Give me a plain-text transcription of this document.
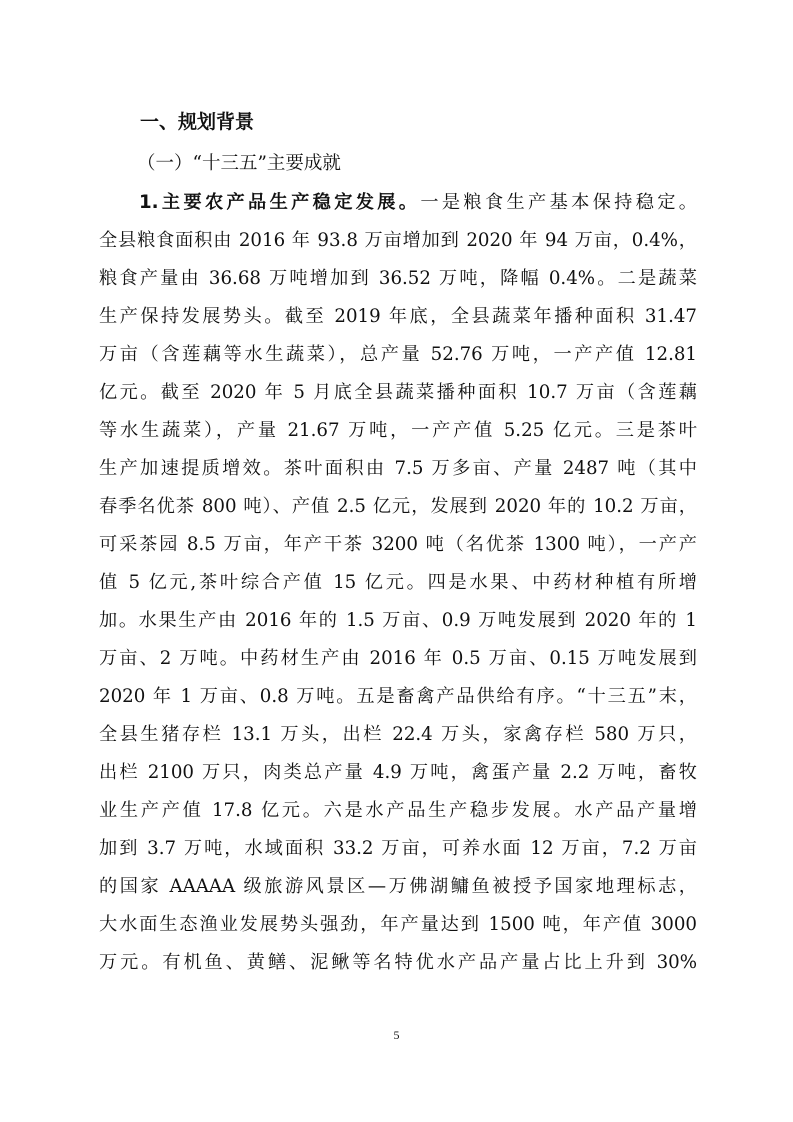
一、规划背景
（一）“十三五”主要成就
1.主要农产品生产稳定发展。一是粮食生产基本保持稳定。
全县粮食面积由 2016 年 93.8 万亩增加到 2020 年 94 万亩，0.4%，
粮食产量由 36.68 万吨增加到 36.52 万吨，降幅 0.4%。二是蔬菜
生产保持发展势头。截至 2019 年底，全县蔬菜年播种面积 31.47
万亩（含莲藕等水生蔬菜），总产量 52.76 万吨，一产产值 12.81
亿元。截至 2020 年 5 月底全县蔬菜播种面积 10.7 万亩（含莲藕
等水生蔬菜），产量 21.67 万吨，一产产值 5.25 亿元。三是茶叶
生产加速提质增效。茶叶面积由 7.5 万多亩、产量 2487 吨（其中
春季名优茶 800 吨）、产值 2.5 亿元，发展到 2020 年的 10.2 万亩，
可采茶园 8.5 万亩，年产干茶 3200 吨（名优茶 1300 吨），一产产
值 5 亿元,茶叶综合产值 15 亿元。四是水果、中药材种植有所增
加。水果生产由 2016 年的 1.5 万亩、0.9 万吨发展到 2020 年的 1
万亩、2 万吨。中药材生产由 2016 年 0.5 万亩、0.15 万吨发展到
2020 年 1 万亩、0.8 万吨。五是畜禽产品供给有序。“十三五”末，
全县生猪存栏 13.1 万头，出栏 22.4 万头，家禽存栏 580 万只，
出栏 2100 万只，肉类总产量 4.9 万吨，禽蛋产量 2.2 万吨，畜牧
业生产产值 17.8 亿元。六是水产品生产稳步发展。水产品产量增
加到 3.7 万吨，水域面积 33.2 万亩，可养水面 12 万亩，7.2 万亩
的国家 AAAAA 级旅游风景区—万佛湖鳙鱼被授予国家地理标志，
大水面生态渔业发展势头强劲，年产量达到 1500 吨，年产值 3000
万元。有机鱼、黄鳝、泥鳅等名特优水产品产量占比上升到 30%
5
